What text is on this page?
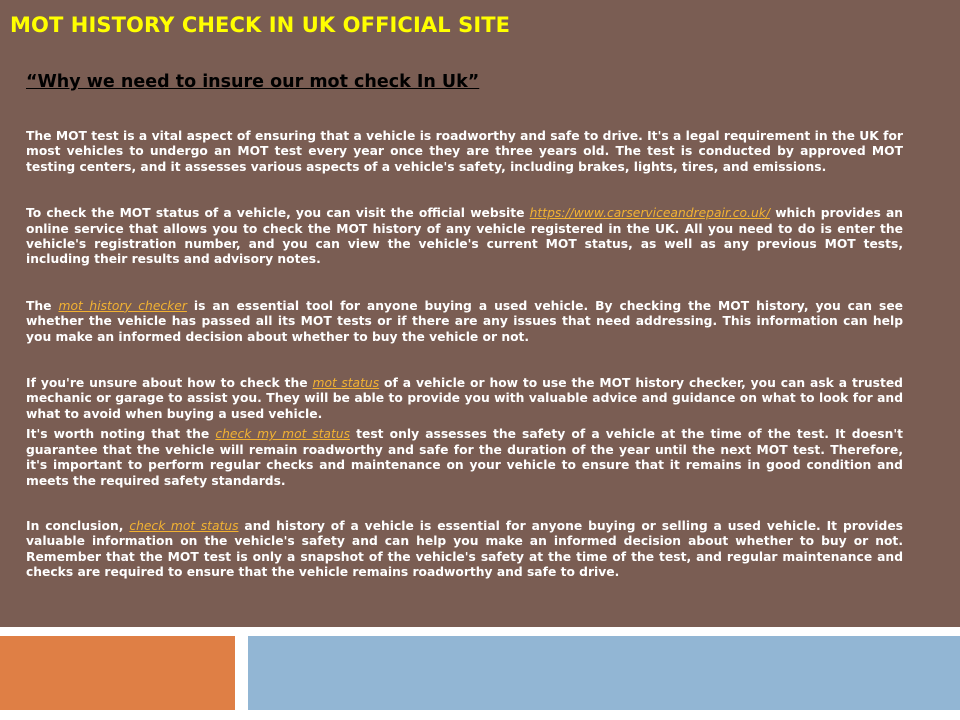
MOT HISTORY CHECK IN UK OFFICIAL SITE
“Why we need to insure our mot check In Uk”

The MOT test is a vital aspect of ensuring that a vehicle is roadworthy and safe to drive. It's a legal requirement in the UK for most vehicles to undergo an MOT test every year once they are three years old. The test is conducted by approved MOT testing centers, and it assesses various aspects of a vehicle's safety, including brakes, lights, tires, and emissions.

To check the MOT status of a vehicle, you can visit the official website https://www.carserviceandrepair.co.uk/ which provides an online service that allows you to check the MOT history of any vehicle registered in the UK. All you need to do is enter the vehicle's registration number, and you can view the vehicle's current MOT status, as well as any previous MOT tests, including their results and advisory notes.

The mot history checker is an essential tool for anyone buying a used vehicle. By checking the MOT history, you can see whether the vehicle has passed all its MOT tests or if there are any issues that need addressing. This information can help you make an informed decision about whether to buy the vehicle or not.

If you're unsure about how to check the mot status of a vehicle or how to use the MOT history checker, you can ask a trusted mechanic or garage to assist you. They will be able to provide you with valuable advice and guidance on what to look for and what to avoid when buying a used vehicle.

It's worth noting that the check my mot status test only assesses the safety of a vehicle at the time of the test. It doesn't guarantee that the vehicle will remain roadworthy and safe for the duration of the year until the next MOT test. Therefore, it's important to perform regular checks and maintenance on your vehicle to ensure that it remains in good condition and meets the required safety standards.

In conclusion, check mot status and history of a vehicle is essential for anyone buying or selling a used vehicle. It provides valuable information on the vehicle's safety and can help you make an informed decision about whether to buy or not. Remember that the MOT test is only a snapshot of the vehicle's safety at the time of the test, and regular maintenance and checks are required to ensure that the vehicle remains roadworthy and safe to drive.
